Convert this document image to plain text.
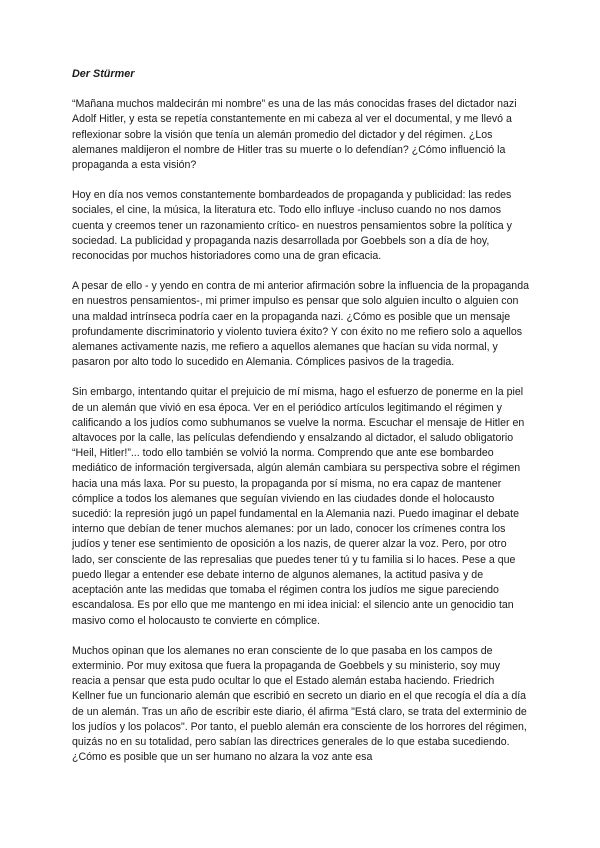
Der Stürmer

“Mañana muchos maldecirán mi nombre” es una de las más conocidas frases del dictador nazi Adolf Hitler, y esta se repetía constantemente en mi cabeza al ver el documental, y me llevó a reflexionar sobre la visión que tenía un alemán promedio del dictador y del régimen. ¿Los alemanes maldijeron el nombre de Hitler tras su muerte o lo defendían? ¿Cómo influenció la propaganda a esta visión?

Hoy en día nos vemos constantemente bombardeados de propaganda y publicidad: las redes sociales, el cine, la música, la literatura etc. Todo ello influye -incluso cuando no nos damos cuenta y creemos tener un razonamiento crítico- en nuestros pensamientos sobre la política y sociedad. La publicidad y propaganda nazis desarrollada por Goebbels son a día de hoy, reconocidas por muchos historiadores como una de gran eficacia.

A pesar de ello - y yendo en contra de mi anterior afirmación sobre la influencia de la propaganda en nuestros pensamientos-, mi primer impulso es pensar que solo alguien inculto o alguien con una maldad intrínseca podría caer en la propaganda nazi. ¿Cómo es posible que un mensaje profundamente discriminatorio y violento tuviera éxito? Y con éxito no me refiero solo a aquellos alemanes activamente nazis, me refiero a aquellos alemanes que hacían su vida normal, y pasaron por alto todo lo sucedido en Alemania. Cómplices pasivos de la tragedia.

Sin embargo, intentando quitar el prejuicio de mí misma, hago el esfuerzo de ponerme en la piel de un alemán que vivió en esa época. Ver en el periódico artículos legitimando el régimen y calificando a los judíos como subhumanos se vuelve la norma. Escuchar el mensaje de Hitler en altavoces por la calle, las películas defendiendo y ensalzando al dictador, el saludo obligatorio “Heil, Hitler!”... todo ello también se volvió la norma. Comprendo que ante ese bombardeo mediático de información tergiversada, algún alemán cambiara su perspectiva sobre el régimen hacia una más laxa. Por su puesto, la propaganda por sí misma, no era capaz de mantener cómplice a todos los alemanes que seguían viviendo en las ciudades donde el holocausto sucedió: la represión jugó un papel fundamental en la Alemania nazi. Puedo imaginar el debate interno que debían de tener muchos alemanes: por un lado, conocer los crímenes contra los judíos y tener ese sentimiento de oposición a los nazis, de querer alzar la voz. Pero, por otro lado, ser consciente de las represalias que puedes tener tú y tu familia si lo haces. Pese a que puedo llegar a entender ese debate interno de algunos alemanes, la actitud pasiva y de aceptación ante las medidas que tomaba el régimen contra los judíos me sigue pareciendo escandalosa. Es por ello que me mantengo en mi idea inicial: el silencio ante un genocidio tan masivo como el holocausto te convierte en cómplice.

Muchos opinan que los alemanes no eran consciente de lo que pasaba en los campos de exterminio. Por muy exitosa que fuera la propaganda de Goebbels y su ministerio, soy muy reacia a pensar que esta pudo ocultar lo que el Estado alemán estaba haciendo. Friedrich Kellner fue un funcionario alemán que escribió en secreto un diario en el que recogía el día a día de un alemán. Tras un año de escribir este diario, él afirma "Está claro, se trata del exterminio de los judíos y los polacos". Por tanto, el pueblo alemán era consciente de los horrores del régimen, quizás no en su totalidad, pero sabían las directrices generales de lo que estaba sucediendo. ¿Cómo es posible que un ser humano no alzara la voz ante esa
